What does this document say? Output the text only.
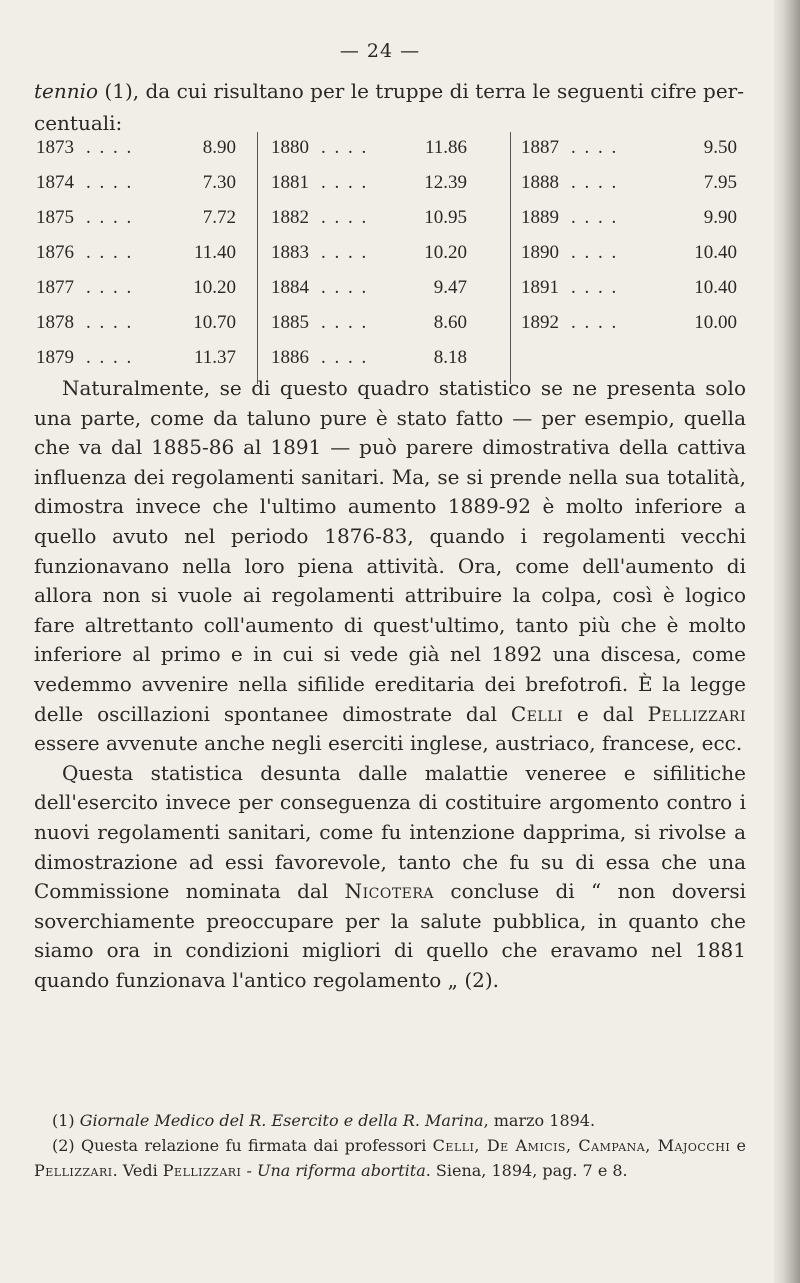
— 24 —
tennio (1), da cui risultano per le truppe di terra le seguenti cifre per-centuali:
1873 . . . .	8.90
1874 . . . .	7.30
1875 . . . .	7.72
1876 . . . .	11.40
1877 . . . .	10.20
1878 . . . .	10.70
1879 . . . .	11.37
1880 . . . .	11.86
1881 . . . .	12.39
1882 . . . .	10.95
1883 . . . .	10.20
1884 . . . .	9.47
1885 . . . .	8.60
1886 . . . .	8.18
1887 . . . .	9.50
1888 . . . .	7.95
1889 . . . .	9.90
1890 . . . .	10.40
1891 . . . .	10.40
1892 . . . .	10.00

Naturalmente, se di questo quadro statistico se ne presenta solo una parte, come da taluno pure è stato fatto — per esempio, quella che va dal 1885-86 al 1891 — può parere dimostrativa della cattiva influenza dei regolamenti sanitari. Ma, se si prende nella sua totalità, dimostra invece che l'ultimo aumento 1889-92 è molto inferiore a quello avuto nel periodo 1876-83, quando i regolamenti vecchi funzionavano nella loro piena attività. Ora, come dell'aumento di allora non si vuole ai regolamenti attribuire la colpa, così è logico fare altrettanto coll'aumento di quest'ultimo, tanto più che è molto inferiore al primo e in cui si vede già nel 1892 una discesa, come vedemmo avvenire nella sifilide ereditaria dei brefotrofi. È la legge delle oscillazioni spontanee dimostrate dal Celli e dal Pellizzari essere avvenute anche negli eserciti inglese, austriaco, francese, ecc.

Questa statistica desunta dalle malattie veneree e sifilitiche dell'esercito invece per conseguenza di costituire argomento contro i nuovi regolamenti sanitari, come fu intenzione dapprima, si rivolse a dimostrazione ad essi favorevole, tanto che fu su di essa che una Commissione nominata dal Nicotera concluse di “ non doversi soverchiamente preoccupare per la salute pubblica, in quanto che siamo ora in condizioni migliori di quello che eravamo nel 1881 quando funzionava l'antico regolamento „ (2).

(1) Giornale Medico del R. Esercito e della R. Marina, marzo 1894.

(2) Questa relazione fu firmata dai professori Celli, De Amicis, Campana, Majocchi e Pellizzari. Vedi Pellizzari - Una riforma abortita. Siena, 1894, pag. 7 e 8.
